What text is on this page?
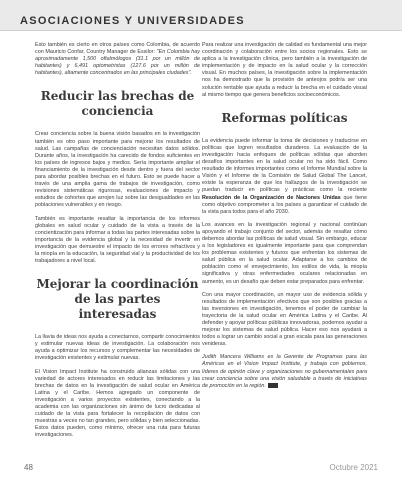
ASOCIACIONES Y UNIVERSIDADES

Esto también es cierto en otros países como Colombia, de acuerdo con Mauricio Confar, Country Manager de Essilor: "En Colombia hay aproximadamente 1,500 oftalmólogos (31.1 por un millón de habitantes) y 6,491 optometristas (127.6 por un millón de habitantes), altamente concentrados en las principales ciudades".

Reducir las brechas de conciencia

Crear conciencia sobre la buena visión basados en la investigación también es otro paso importante para mejorar los resultados de salud. Las campañas de concienciación necesitan datos sólidos. Durante años, la investigación ha carecido de fondos suficientes en los países de ingresos bajos y medios. Sería importante ampliar el financiamiento de la investigación desde dentro y fuera del sector para abordar posibles brechas en el futuro. Esto se puede hacer a través de una amplia gama de trabajos de investigación, como revisiones sistemáticas rigurosas, evaluaciones de impacto y estudios de cohortes que arrojen luz sobre las desigualdades en las poblaciones vulnerables y en riesgo.

También es importante resaltar la importancia de los informes globales en salud ocular y cuidado de la vista a través de la concientización para informar a todas las partes interesadas sobre la importancia de la evidencia global y la necesidad de invertir en investigación que demuestre el impacto de los errores refractivos y la miopía en la educación, la seguridad vial y la productividad de los trabajadores a nivel local.

Mejorar la coordinación de las partes interesadas

La llavia de ideas nos ayuda a conectarnos, compartir conocimientos y estimular nuevas ideas de investigación. La colaboración nos ayuda a optimizar los recursos y complementar las necesidades de investigación existentes y estimular nuevas.

El Vision Impact Institute ha construido alianzas sólidas con una variedad de actores interesados en reducir las limitaciones y las brechas de datos en la investigación de salud ocular en América Latina y el Caribe. Hemos agregado un componente de investigación a varios proyectos existentes, conectando a la academia con las organizaciones sin ánimo de lucro dedicadas al cuidado de la vista para fortalecer la recopilación de datos con muestras a veces no tan grandes, pero sólidas y bien seleccionadas. Estos datos pueden, como mínimo, ofrecer una ruta para futuras investigaciones.

Para realizar una investigación de calidad es fundamental una mejor coordinación y colaboración entre los socios regionales. Esto se aplica a la investigación clínica, pero también a la investigación de implementación y de impacto en la salud ocular y la corrección visual. En muchos países, la investigación sobre la implementación nos ha demostrado que la provisión de anteojos podría ser una solución rentable que ayuda a reducir la brecha en el cuidado visual al mismo tiempo que genera beneficios socioeconómicos.

Reformas políticas

La evidencia puede informar la toma de decisiones y traducirse en políticas que logren resultados duraderos. La evaluación de la investigación hacia enfoques de políticas sólidas que aborden desafíos importantes en la salud ocular no ha sido fácil. Como resultado de informes importantes como el Informe Mundial sobre la Visión y el Informe de la Comisión de Salud Global The Lancet, existe la esperanza de que los hallazgos de la investigación se puedan traducir en políticas y prácticas como la reciente Resolución de la Organización de Naciones Unidas que tiene como objetivo comprometer a los países a garantizar el cuidado de la vista para todos para el año 2030.

Los avances en la investigación regional y nacional continúan apoyando el trabajo conjunto del sector, además de resaltar cómo debemos abordar las políticas de salud visual. Sin embargo, educar a los legisladores es igualmente importante para que comprendan los problemas existentes y futuros que enfrentan los sistemas de salud pública en la salud ocular. Adaptarse a los cambios de población como el envejecimiento, los estilos de vida, la miopía significativa y otras enfermedades oculares relacionadas en aumento, es un desafío que deben estar preparados para enfrentar.

Con una mayor coordinación, un mayor uso de evidencia sólida y resultados de implementación efectivos que son posibles gracias a las inversiones en investigación, tenemos el poder de cambiar la trayectoria de la salud ocular en América Latina y el Caribe. Al defender y apoyar políticas públicas innovadoras, podemos ayudar a mejorar los sistemas de salud pública. Hacer eso nos ayudará a todos a lograr un cambio social a gran escala para las generaciones venideras.

Judith Mancera Williams es la Gerente de Programas para las Américas en el Vision Impact Institute, y trabaja con gobiernos, líderes de opinión clave y organizaciones no gubernamentales para crear conciencia sobre una visión saludable a través de iniciativas de promoción en la región.

48	Octubre 2021
